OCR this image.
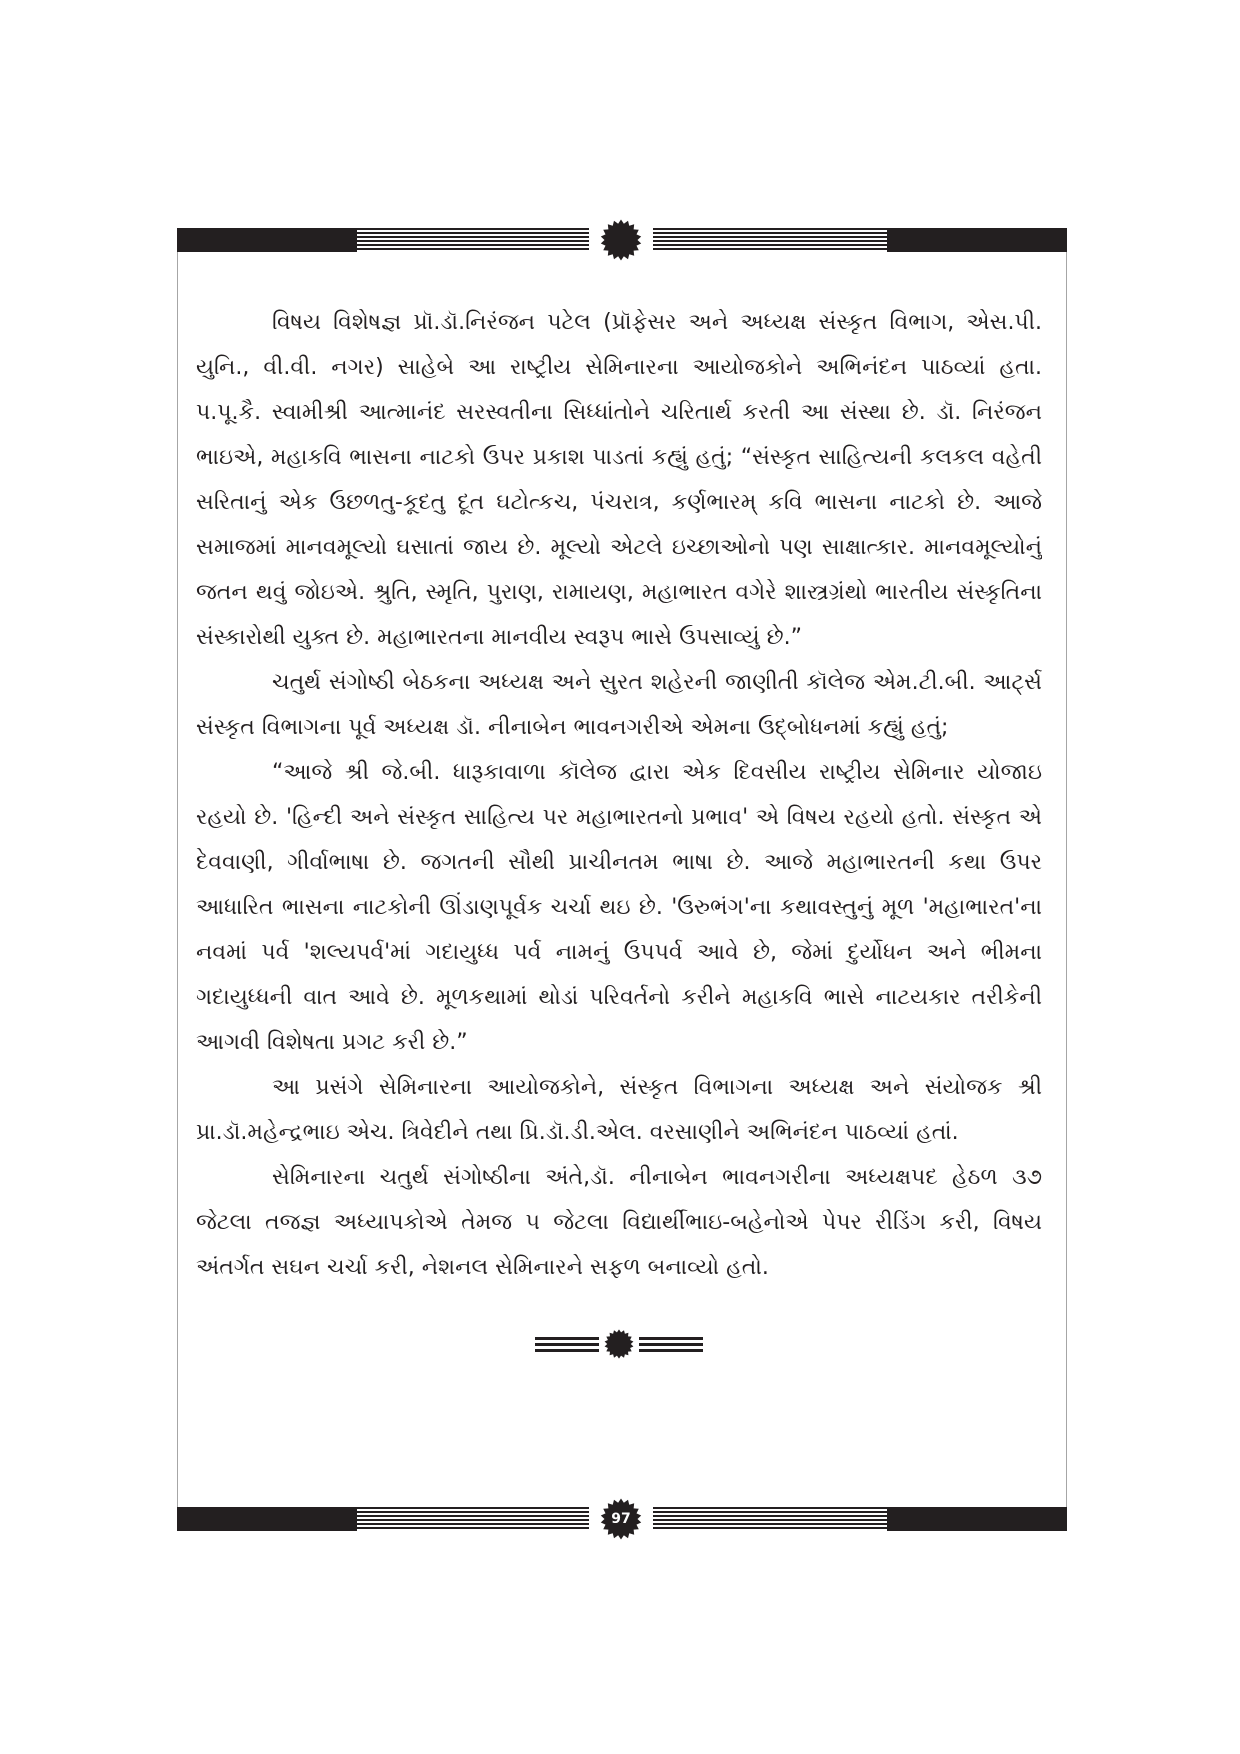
વિષય વિશેષજ્ઞ પ્રૉ.ડૉ.નિરંજન પટેલ (પ્રૉફેસર અને અધ્યક્ષ સંસ્કૃત વિભાગ, એસ.પી. યુનિ., વી.વી. નગર) સાહેબે આ રાષ્ટ્રીય સેમિનારના આયોજકોને અભિનંદન પાઠવ્યાં હતા. પ.પૂ.કૈ. સ્વામીશ્રી આત્માનંદ સરસ્વતીના સિધ્ધાંતોને ચરિતાર્થ કરતી આ સંસ્થા છે. ડૉ. નિરંજન ભાઇએ, મહાકવિ ભાસના નાટકો ઉપર પ્રકાશ પાડતાં કહ્યું હતું; “સંસ્કૃત સાહિત્યની કલકલ વહેતી સરિતાનું એક ઉછળતુ-કૂદતુ દૂત ઘટોત્કચ, પંચરાત્ર, કર્ણભારમ્ કવિ ભાસના નાટકો છે. આજે સમાજમાં માનવમૂલ્યો ઘસાતાં જાય છે. મૂલ્યો એટલે ઇચ્છાઓનો પણ સાક્ષાત્કાર. માનવમૂલ્યોનું જતન થવું જોઇએ. શ્રુતિ, સ્મૃતિ, પુરાણ, રામાયણ, મહાભારત વગેરે શાસ્ત્રગ્રંથો ભારતીય સંસ્કૃતિના સંસ્કારોથી યુક્ત છે. મહાભારતના માનવીય સ્વરૂપ ભાસે ઉપસાવ્યું છે.”

ચતુર્થ સંગોષ્ઠી બેઠકના અધ્યક્ષ અને સુરત શહેરની જાણીતી કૉલેજ એમ.ટી.બી. આર્ટ્સ સંસ્કૃત વિભાગના પૂર્વ અધ્યક્ષ ડૉ. નીનાબેન ભાવનગરીએ એમના ઉદ્બોધનમાં કહ્યું હતું;

“આજે શ્રી જે.બી. ધારૂકાવાળા કૉલેજ દ્વારા એક દિવસીય રાષ્ટ્રીય સેમિનાર યોજાઇ રહયો છે. 'હિન્દી અને સંસ્કૃત સાહિત્ય પર મહાભારતનો પ્રભાવ' એ વિષય રહયો હતો. સંસ્કૃત એ દેવવાણી, ગીર્વાભાષા છે. જગતની સૌથી પ્રાચીનતમ ભાષા છે. આજે મહાભારતની કથા ઉપર આધારિત ભાસના નાટકોની ઊંડાણપૂર્વક ચર્ચા થઇ છે. 'ઉરુભંગ'ના કથાવસ્તુનું મૂળ 'મહાભારત'ના નવમાં પર્વ 'શલ્યપર્વ'માં ગદાયુધ્ધ પર્વ નામનું ઉપપર્વ આવે છે, જેમાં દુર્યોધન અને ભીમના ગદાયુધ્ધની વાત આવે છે. મૂળકથામાં થોડાં પરિવર્તનો કરીને મહાકવિ ભાસે નાટયકાર તરીકેની આગવી વિશેષતા પ્રગટ કરી છે.”

આ પ્રસંગે સેમિનારના આયોજકોને, સંસ્કૃત વિભાગના અધ્યક્ષ અને સંયોજક શ્રી પ્રા.ડૉ.મહેન્દ્રભાઇ એચ. ત્રિવેદીને તથા પ્રિ.ડૉ.ડી.એલ. વરસાણીને અભિનંદન પાઠવ્યાં હતાં.

સેમિનારના ચતુર્થ સંગોષ્ઠીના અંતે,ડૉ. નીનાબેન ભાવનગરીના અધ્યક્ષપદ હેઠળ ૩૭ જેટલા તજજ્ઞ અધ્યાપકોએ તેમજ ૫ જેટલા વિદ્યાર્થીભાઇ-બહેનોએ પેપર રીડિંગ કરી, વિષય અંતર્ગત સઘન ચર્ચા કરી, નેશનલ સેમિનારને સફળ બનાવ્યો હતો.

97
